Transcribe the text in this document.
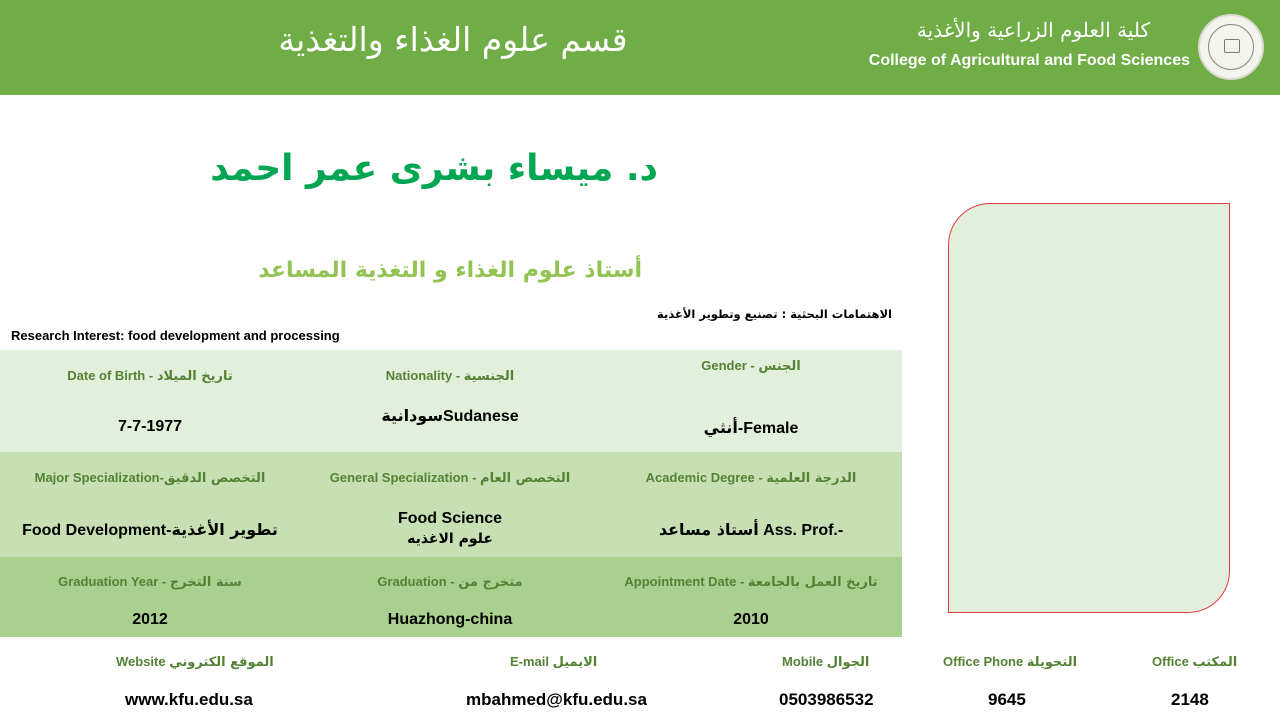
قسم علوم الغذاء والتغذية	كلية العلوم الزراعية والأغذية
College of Agricultural and Food Sciences
د. ميساء بشرى عمر احمد
أستاذ علوم الغذاء و التغذية المساعد
الاهتمامات البحثية : تصنيع وتطوير الأغذية
Research Interest: food development and processing
Gender - الجنس
أنثي-Female
Nationality - الجنسية
سودانيةSudanese
Date of Birth - تاريخ الميلاد
7-7-1977
Academic Degree - الدرجة العلمية
أستاذ مساعد Ass. Prof.-
General Specialization - التخصص العام
Food Science
علوم الاغذيه
Major Specialization-التخصص الدقيق
Food Development-تطوير الأغذية
Appointment Date - تاريخ العمل بالجامعة
2010
Graduation - متخرج من
Huazhong-china
Graduation Year - سنة التخرج
2012
Office المكتب
2148
Office Phone التحويلة
9645
Mobile الجوال
0503986532
E-mail الايميل
mbahmed@kfu.edu.sa
Website الموقع الكتروني
www.kfu.edu.sa
